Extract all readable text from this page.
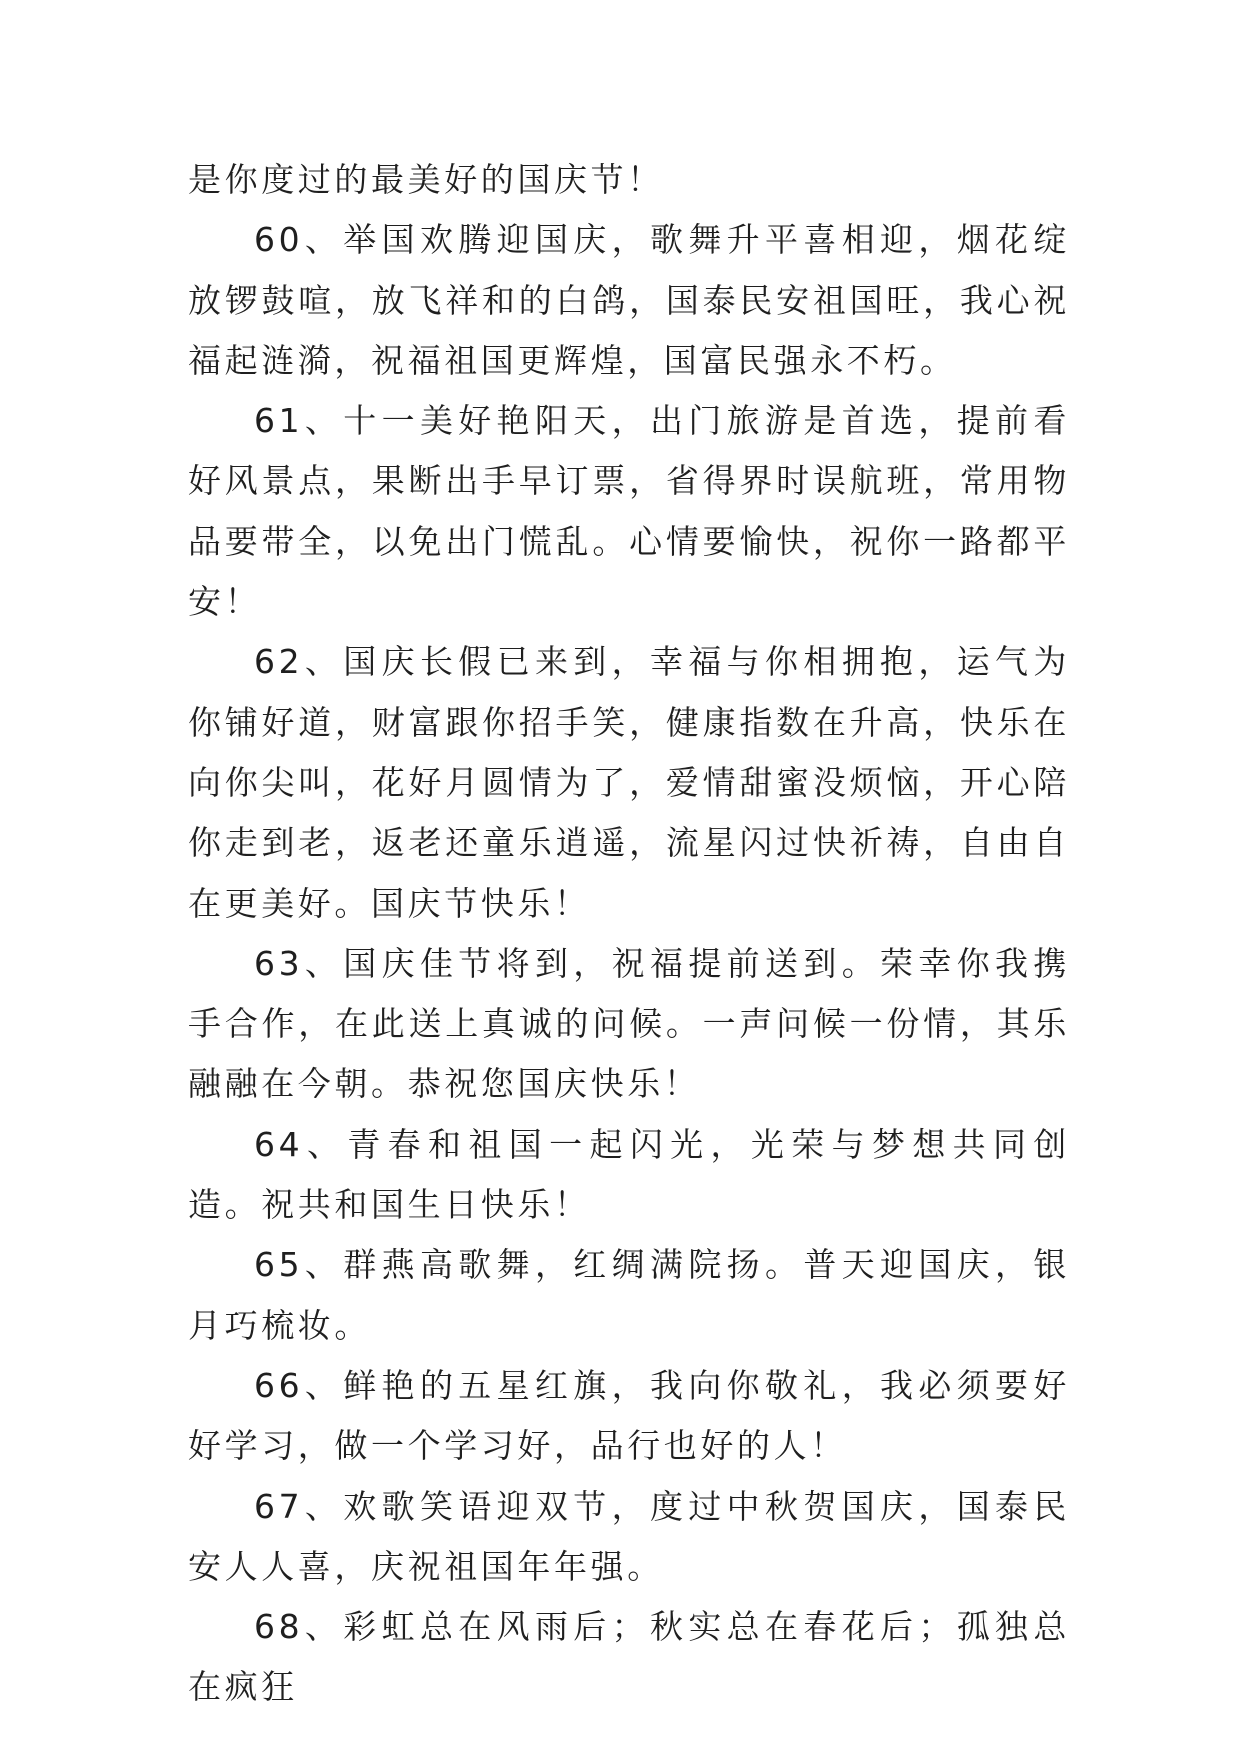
是你度过的最美好的国庆节！

60、举国欢腾迎国庆，歌舞升平喜相迎，烟花绽放锣鼓喧，放飞祥和的白鸽，国泰民安祖国旺，我心祝福起涟漪，祝福祖国更辉煌，国富民强永不朽。

61、十一美好艳阳天，出门旅游是首选，提前看好风景点，果断出手早订票，省得界时误航班，常用物品要带全，以免出门慌乱。心情要愉快，祝你一路都平安！

62、国庆长假已来到，幸福与你相拥抱，运气为你铺好道，财富跟你招手笑，健康指数在升高，快乐在向你尖叫，花好月圆情为了，爱情甜蜜没烦恼，开心陪你走到老，返老还童乐逍遥，流星闪过快祈祷，自由自在更美好。国庆节快乐！

63、国庆佳节将到，祝福提前送到。荣幸你我携手合作，在此送上真诚的问候。一声问候一份情，其乐融融在今朝。恭祝您国庆快乐！

64、青春和祖国一起闪光，光荣与梦想共同创造。祝共和国生日快乐！

65、群燕高歌舞，红绸满院扬。普天迎国庆，银月巧梳妆。

66、鲜艳的五星红旗，我向你敬礼，我必须要好好学习，做一个学习好，品行也好的人！

67、欢歌笑语迎双节，度过中秋贺国庆，国泰民安人人喜，庆祝祖国年年强。

68、彩虹总在风雨后；秋实总在春花后；孤独总在疯狂
